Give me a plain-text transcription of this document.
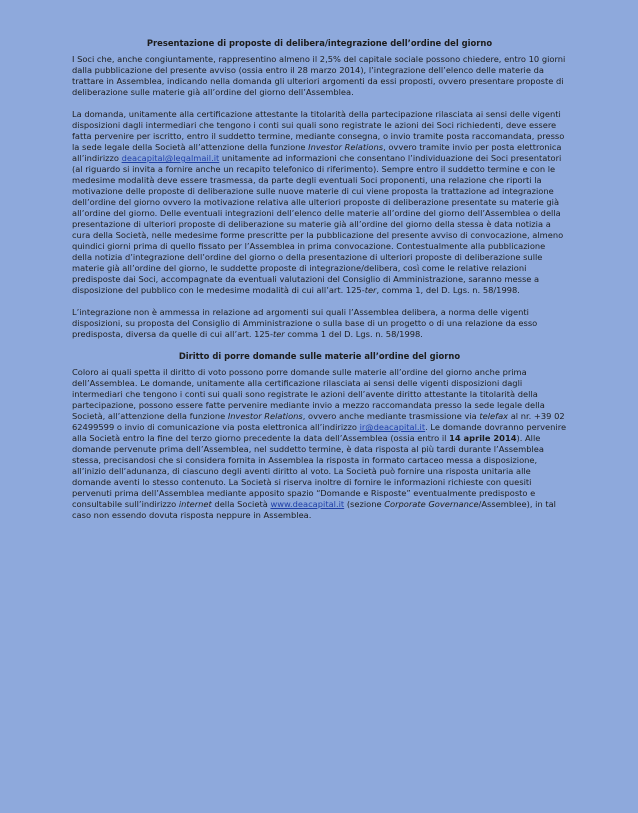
Presentazione di proposte di delibera/integrazione dell’ordine del giorno

I Soci che, anche congiuntamente, rappresentino almeno il 2,5% del capitale sociale possono chiedere, entro 10 giorni dalla pubblicazione del presente avviso (ossia entro il 28 marzo 2014), l’integrazione dell’elenco delle materie da trattare in Assemblea, indicando nella domanda gli ulteriori argomenti da essi proposti, ovvero presentare proposte di deliberazione sulle materie già all’ordine del giorno dell’Assemblea.

La domanda, unitamente alla certificazione attestante la titolarità della partecipazione rilasciata ai sensi delle vigenti disposizioni dagli intermediari che tengono i conti sui quali sono registrate le azioni dei Soci richiedenti, deve essere fatta pervenire per iscritto, entro il suddetto termine, mediante consegna, o invio tramite posta raccomandata, presso la sede legale della Società all’attenzione della funzione Investor Relations, ovvero tramite invio per posta elettronica all’indirizzo deacapital@legalmail.it unitamente ad informazioni che consentano l’individuazione dei Soci presentatori (al riguardo si invita a fornire anche un recapito telefonico di riferimento). Sempre entro il suddetto termine e con le medesime modalità deve essere trasmessa, da parte degli eventuali Soci proponenti, una relazione che riporti la motivazione delle proposte di deliberazione sulle nuove materie di cui viene proposta la trattazione ad integrazione dell’ordine del giorno ovvero la motivazione relativa alle ulteriori proposte di deliberazione presentate su materie già all’ordine del giorno. Delle eventuali integrazioni dell’elenco delle materie all’ordine del giorno dell’Assemblea o della presentazione di ulteriori proposte di deliberazione su materie già all’ordine del giorno della stessa è data notizia a cura della Società, nelle medesime forme prescritte per la pubblicazione del presente avviso di convocazione, almeno quindici giorni prima di quello fissato per l’Assemblea in prima convocazione. Contestualmente alla pubblicazione della notizia d’integrazione dell’ordine del giorno o della presentazione di ulteriori proposte di deliberazione sulle materie già all’ordine del giorno, le suddette proposte di integrazione/delibera, così come le relative relazioni predisposte dai Soci, accompagnate da eventuali valutazioni del Consiglio di Amministrazione, saranno messe a disposizione del pubblico con le medesime modalità di cui all’art. 125-ter, comma 1, del D. Lgs. n. 58/1998.

L’integrazione non è ammessa in relazione ad argomenti sui quali l’Assemblea delibera, a norma delle vigenti disposizioni, su proposta del Consiglio di Amministrazione o sulla base di un progetto o di una relazione da esso predisposta, diversa da quelle di cui all’art. 125-ter comma 1 del D. Lgs. n. 58/1998.

Diritto di porre domande sulle materie all’ordine del giorno

Coloro ai quali spetta il diritto di voto possono porre domande sulle materie all’ordine del giorno anche prima dell’Assemblea. Le domande, unitamente alla certificazione rilasciata ai sensi delle vigenti disposizioni dagli intermediari che tengono i conti sui quali sono registrate le azioni dell’avente diritto attestante la titolarità della partecipazione, possono essere fatte pervenire mediante invio a mezzo raccomandata presso la sede legale della Società, all’attenzione della funzione Investor Relations, ovvero anche mediante trasmissione via telefax al nr. +39 02 62499599 o invio di comunicazione via posta elettronica all’indirizzo ir@deacapital.it. Le domande dovranno pervenire alla Società entro la fine del terzo giorno precedente la data dell’Assemblea (ossia entro il 14 aprile 2014). Alle domande pervenute prima dell’Assemblea, nel suddetto termine, è data risposta al più tardi durante l’Assemblea stessa, precisandosi che si considera fornita in Assemblea la risposta in formato cartaceo messa a disposizione, all’inizio dell’adunanza, di ciascuno degli aventi diritto al voto. La Società può fornire una risposta unitaria alle domande aventi lo stesso contenuto. La Società si riserva inoltre di fornire le informazioni richieste con quesiti pervenuti prima dell’Assemblea mediante apposito spazio “Domande e Risposte” eventualmente predisposto e consultabile sull’indirizzo internet della Società www.deacapital.it (sezione Corporate Governance/Assemblee), in tal caso non essendo dovuta risposta neppure in Assemblea.
